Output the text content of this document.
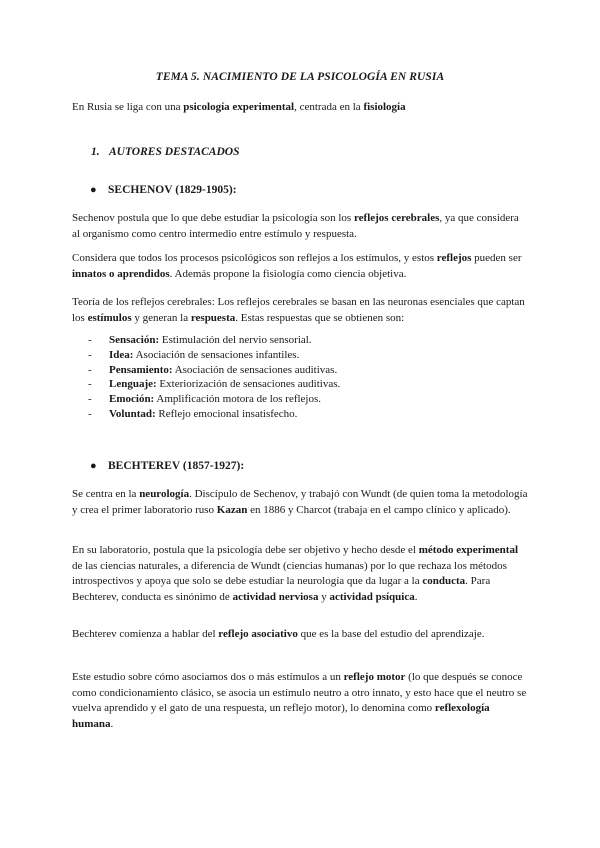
TEMA 5. NACIMIENTO DE LA PSICOLOGÍA EN RUSIA

En Rusia se liga con una psicología experimental, centrada en la fisiología

1. AUTORES DESTACADOS
● SECHENOV (1829-1905):

Sechenov postula que lo que debe estudiar la psicología son los reflejos cerebrales, ya que considera al organismo como centro intermedio entre estímulo y respuesta.

Considera que todos los procesos psicológicos son reflejos a los estímulos, y estos reflejos pueden ser innatos o aprendidos. Además propone la fisiología como ciencia objetiva.

Teoría de los reflejos cerebrales: Los reflejos cerebrales se basan en las neuronas esenciales que captan los estímulos y generan la respuesta. Estas respuestas que se obtienen son:

- Sensación: Estimulación del nervio sensorial.
- Idea: Asociación de sensaciones infantiles.
- Pensamiento: Asociación de sensaciones auditivas.
- Lenguaje: Exteriorización de sensaciones auditivas.
- Emoción: Amplificación motora de los reflejos.
- Voluntad: Reflejo emocional insatisfecho.
● BECHTEREV (1857-1927):

Se centra en la neurología. Discípulo de Sechenov, y trabajó con Wundt (de quien toma la metodología y crea el primer laboratorio ruso Kazan en 1886 y Charcot (trabaja en el campo clínico y aplicado).

En su laboratorio, postula que la psicología debe ser objetivo y hecho desde el método experimental de las ciencias naturales, a diferencia de Wundt (ciencias humanas) por lo que rechaza los métodos introspectivos y apoya que solo se debe estudiar la neurología que da lugar a la conducta. Para Bechterev, conducta es sinónimo de actividad nerviosa y actividad psíquica.

Bechterev comienza a hablar del reflejo asociativo que es la base del estudio del aprendizaje.

Este estudio sobre cómo asociamos dos o más estímulos a un reflejo motor (lo que después se conoce como condicionamiento clásico, se asocia un estímulo neutro a otro innato, y esto hace que el neutro se vuelva aprendido y el gato de una respuesta, un reflejo motor), lo denomina como reflexología humana.
